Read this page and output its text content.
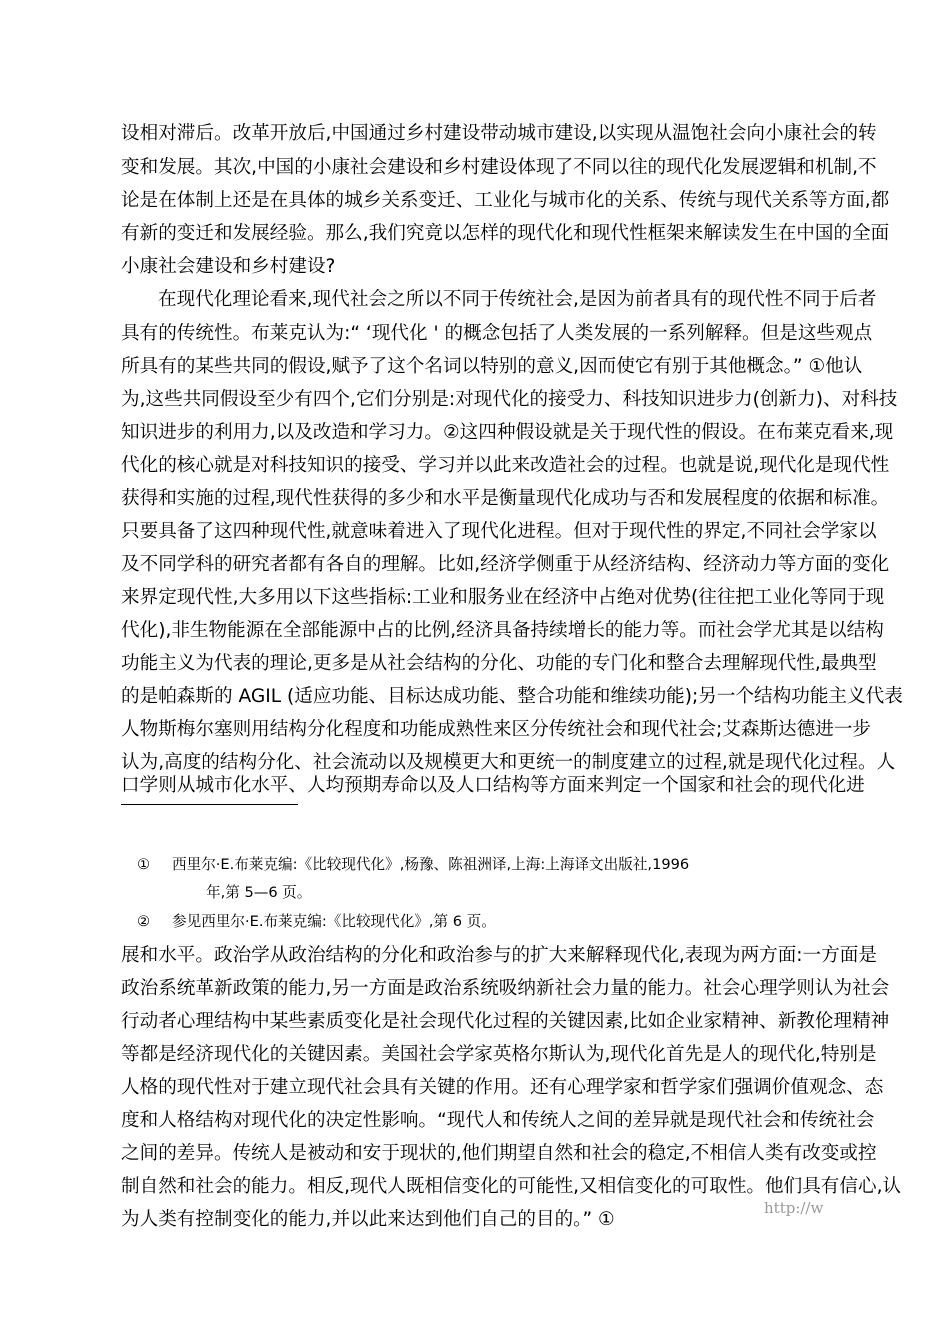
设相对滞后。改革开放后,中国通过乡村建设带动城市建设,以实现从温饱社会向小康社会的转
变和发展。其次,中国的小康社会建设和乡村建设体现了不同以往的现代化发展逻辑和机制,不
论是在体制上还是在具体的城乡关系变迁、工业化与城市化的关系、传统与现代关系等方面,都
有新的变迁和发展经验。那么,我们究竟以怎样的现代化和现代性框架来解读发生在中国的全面
小康社会建设和乡村建设?
在现代化理论看来,现代社会之所以不同于传统社会,是因为前者具有的现代性不同于后者
具有的传统性。布莱克认为:“ ‘现代化 ' 的概念包括了人类发展的一系列解释。但是这些观点
所具有的某些共同的假设,赋予了这个名词以特别的意义,因而使它有别于其他概念。” ①他认
为,这些共同假设至少有四个,它们分别是:对现代化的接受力、科技知识进步力(创新力)、对科技
知识进步的利用力,以及改造和学习力。②这四种假设就是关于现代性的假设。在布莱克看来,现
代化的核心就是对科技知识的接受、学习并以此来改造社会的过程。也就是说,现代化是现代性
获得和实施的过程,现代性获得的多少和水平是衡量现代化成功与否和发展程度的依据和标准。
只要具备了这四种现代性,就意味着进入了现代化进程。但对于现代性的界定,不同社会学家以
及不同学科的研究者都有各自的理解。比如,经济学侧重于从经济结构、经济动力等方面的变化
来界定现代性,大多用以下这些指标:工业和服务业在经济中占绝对优势(往往把工业化等同于现
代化),非生物能源在全部能源中占的比例,经济具备持续增长的能力等。而社会学尤其是以结构
功能主义为代表的理论,更多是从社会结构的分化、功能的专门化和整合去理解现代性,最典型
的是帕森斯的 AGIL (适应功能、目标达成功能、整合功能和维续功能);另一个结构功能主义代表
人物斯梅尔塞则用结构分化程度和功能成熟性来区分传统社会和现代社会;艾森斯达德进一步
认为,高度的结构分化、社会流动以及规模更大和更统一的制度建立的过程,就是现代化过程。人
口学则从城市化水平、人均预期寿命以及人口结构等方面来判定一个国家和社会的现代化进
① 西里尔·E.布莱克编:《比较现代化》,杨豫、陈祖洲译,上海:上海译文出版社,1996
年,第 5—6 页。
② 参见西里尔·E.布莱克编:《比较现代化》,第 6 页。
展和水平。政治学从政治结构的分化和政治参与的扩大来解释现代化,表现为两方面:一方面是
政治系统革新政策的能力,另一方面是政治系统吸纳新社会力量的能力。社会心理学则认为社会
行动者心理结构中某些素质变化是社会现代化过程的关键因素,比如企业家精神、新教伦理精神
等都是经济现代化的关键因素。美国社会学家英格尔斯认为,现代化首先是人的现代化,特别是
人格的现代性对于建立现代社会具有关键的作用。还有心理学家和哲学家们强调价值观念、态
度和人格结构对现代化的决定性影响。“现代人和传统人之间的差异就是现代社会和传统社会
之间的差异。传统人是被动和安于现状的,他们期望自然和社会的稳定,不相信人类有改变或控
制自然和社会的能力。相反,现代人既相信变化的可能性,又相信变化的可取性。他们具有信心,认
为人类有控制变化的能力,并以此来达到他们自己的目的。” ①
http://w
